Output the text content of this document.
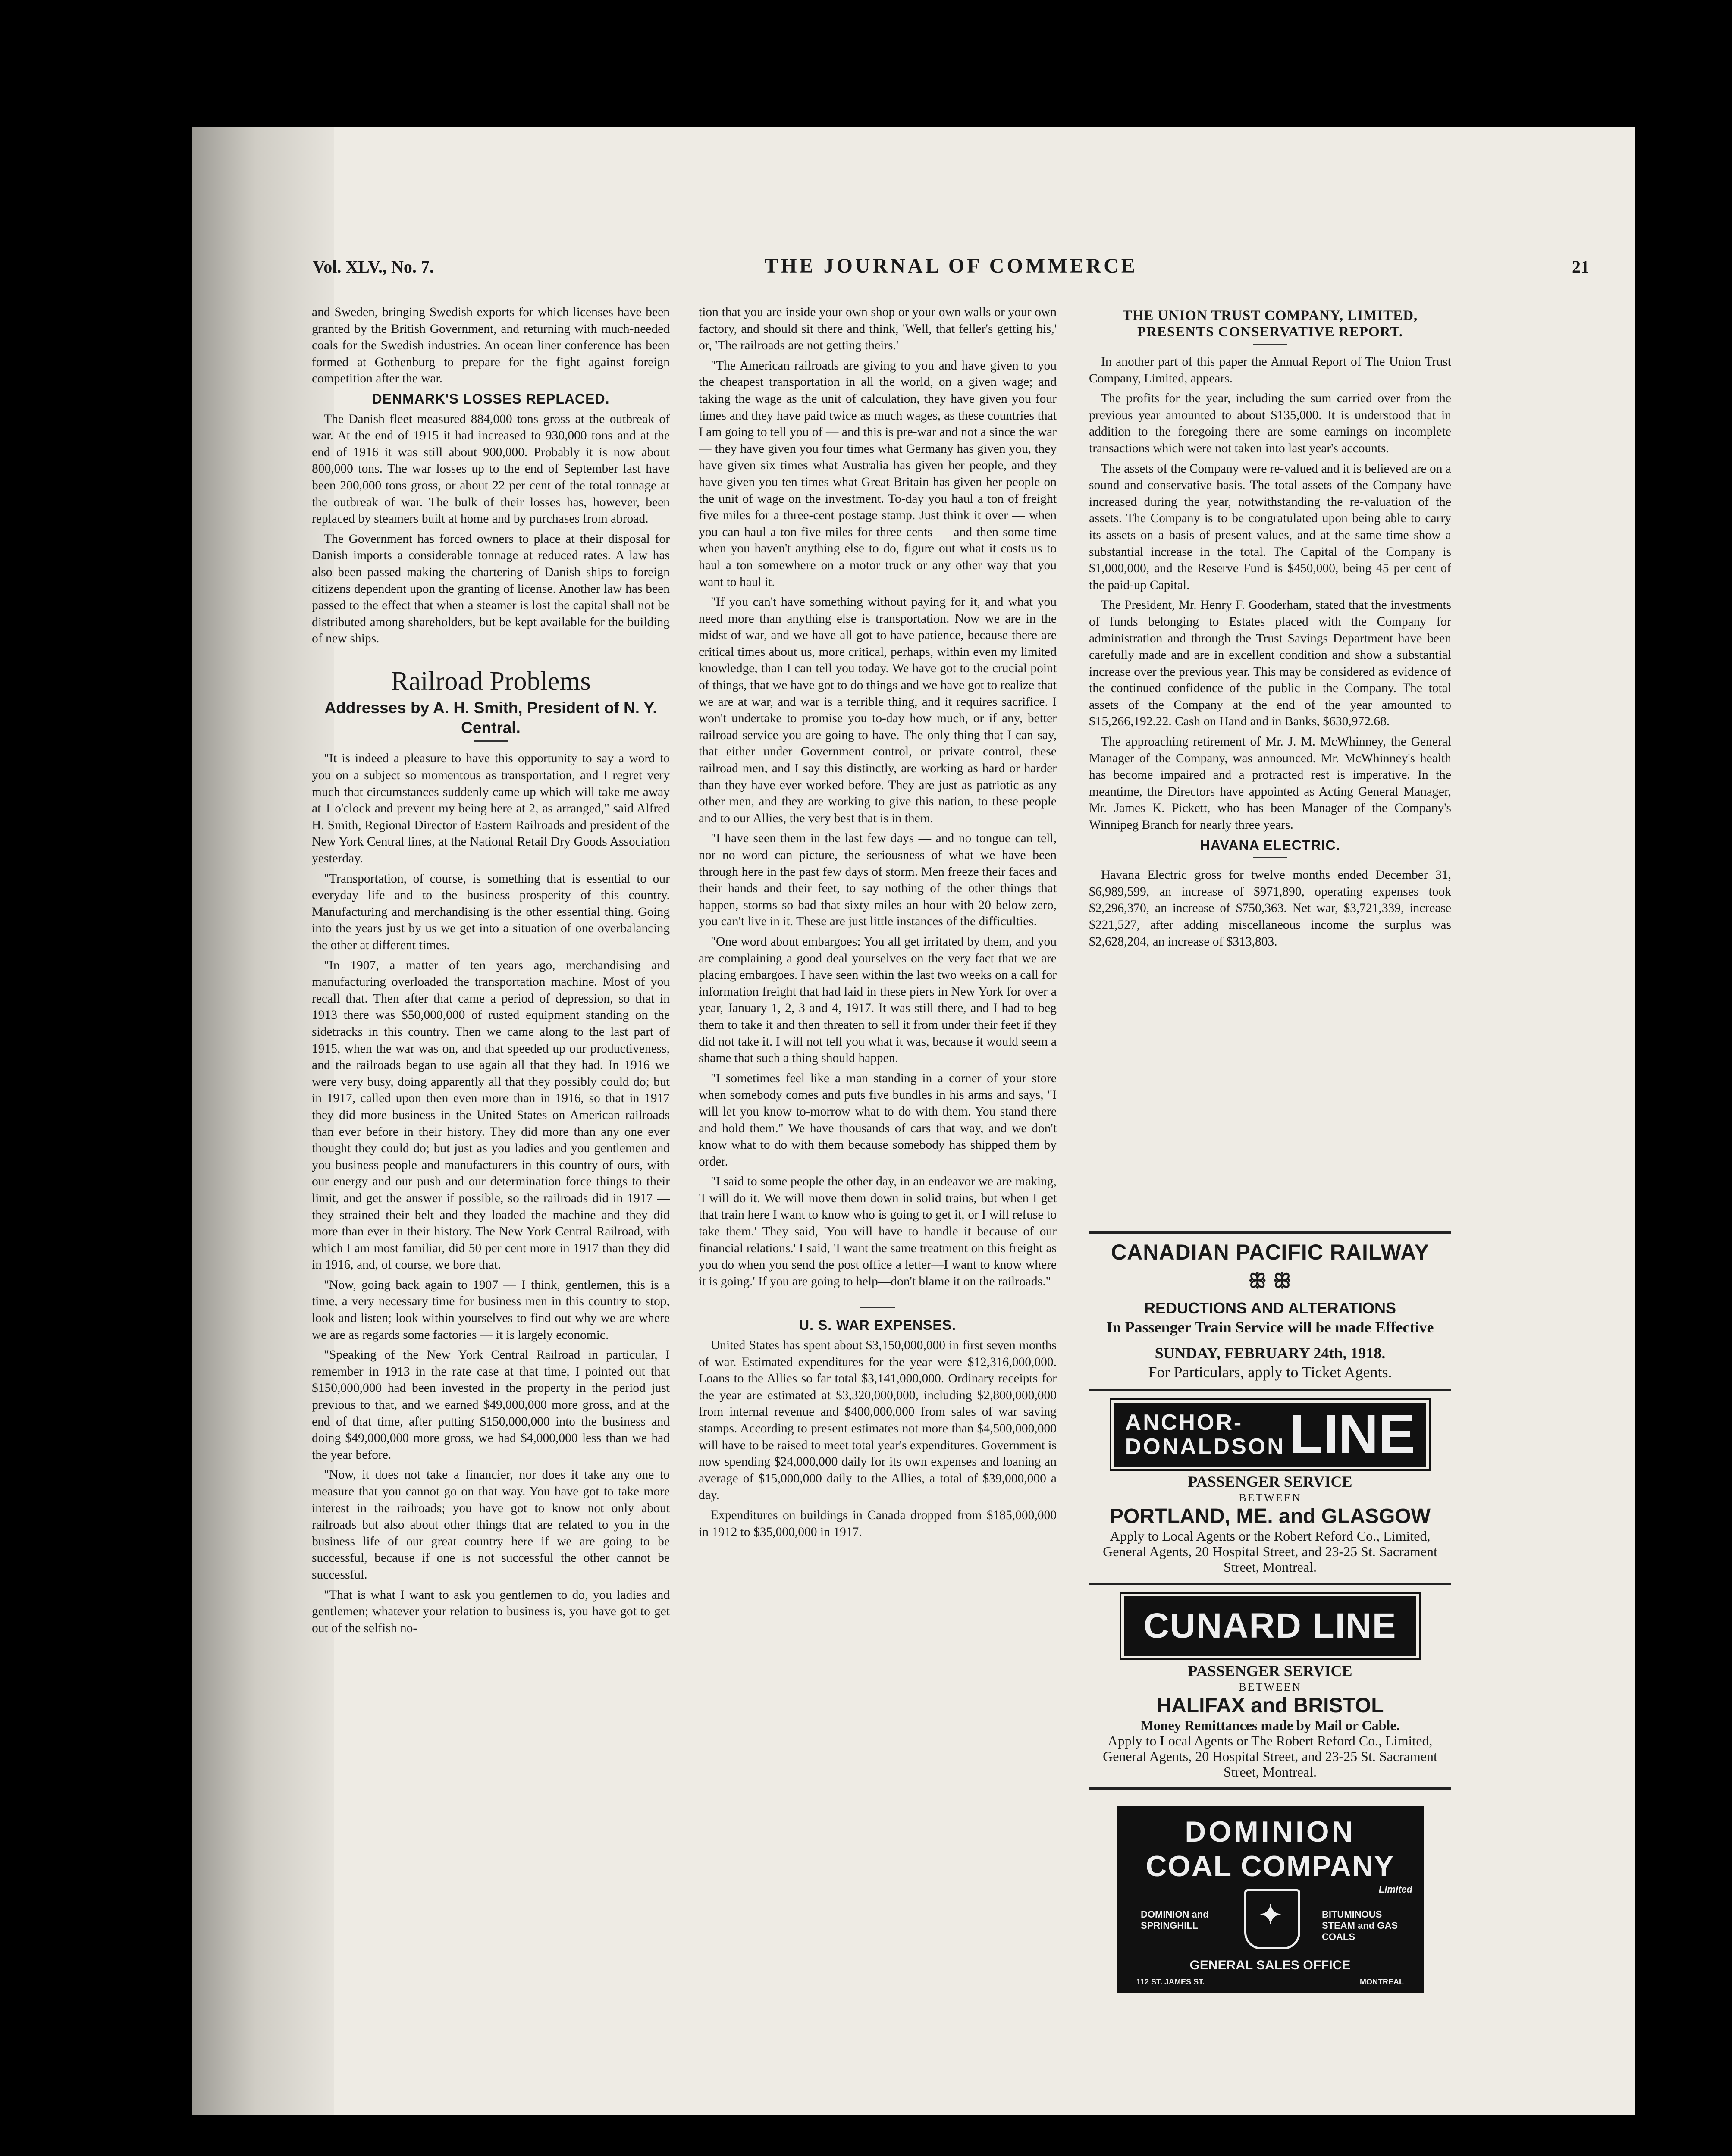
Vol. XLV., No. 7.	THE JOURNAL OF COMMERCE	21

and Sweden, bringing Swedish exports for which licenses have been granted by the British Government, and returning with much-needed coals for the Swedish industries. An ocean liner conference has been formed at Gothenburg to prepare for the fight against foreign competition after the war.

DENMARK'S LOSSES REPLACED.

The Danish fleet measured 884,000 tons gross at the outbreak of war. At the end of 1915 it had increased to 930,000 tons and at the end of 1916 it was still about 900,000. Probably it is now about 800,000 tons. The war losses up to the end of September last have been 200,000 tons gross, or about 22 per cent of the total tonnage at the outbreak of war. The bulk of their losses has, however, been replaced by steamers built at home and by purchases from abroad.

The Government has forced owners to place at their disposal for Danish imports a considerable tonnage at reduced rates. A law has also been passed making the chartering of Danish ships to foreign citizens dependent upon the granting of license. Another law has been passed to the effect that when a steamer is lost the capital shall not be distributed among shareholders, but be kept available for the building of new ships.

Railroad Problems
Addresses by A. H. Smith, President of N. Y. Central.

"It is indeed a pleasure to have this opportunity to say a word to you on a subject so momentous as transportation, and I regret very much that circumstances suddenly came up which will take me away at 1 o'clock and prevent my being here at 2, as arranged," said Alfred H. Smith, Regional Director of Eastern Railroads and president of the New York Central lines, at the National Retail Dry Goods Association yesterday.

"Transportation, of course, is something that is essential to our everyday life and to the business prosperity of this country. Manufacturing and merchandising is the other essential thing. Going into the years just by us we get into a situation of one overbalancing the other at different times.

"In 1907, a matter of ten years ago, merchandising and manufacturing overloaded the transportation machine. Most of you recall that. Then after that came a period of depression, so that in 1913 there was $50,000,000 of rusted equipment standing on the sidetracks in this country. Then we came along to the last part of 1915, when the war was on, and that speeded up our productiveness, and the railroads began to use again all that they had. In 1916 we were very busy, doing apparently all that they possibly could do; but in 1917, called upon then even more than in 1916, so that in 1917 they did more business in the United States on American railroads than ever before in their history. They did more than any one ever thought they could do; but just as you ladies and you gentlemen and you business people and manufacturers in this country of ours, with our energy and our push and our determination force things to their limit, and get the answer if possible, so the railroads did in 1917 — they strained their belt and they loaded the machine and they did more than ever in their history. The New York Central Railroad, with which I am most familiar, did 50 per cent more in 1917 than they did in 1916, and, of course, we bore that.

"Now, going back again to 1907 — I think, gentlemen, this is a time, a very necessary time for business men in this country to stop, look and listen; look within yourselves to find out why we are where we are as regards some factories — it is largely economic.

"Speaking of the New York Central Railroad in particular, I remember in 1913 in the rate case at that time, I pointed out that $150,000,000 had been invested in the property in the period just previous to that, and we earned $49,000,000 more gross, and at the end of that time, after putting $150,000,000 into the business and doing $49,000,000 more gross, we had $4,000,000 less than we had the year before.

"Now, it does not take a financier, nor does it take any one to measure that you cannot go on that way. You have got to take more interest in the railroads; you have got to know not only about railroads but also about other things that are related to you in the business life of our great country here if we are going to be successful, because if one is not successful the other cannot be successful.

"That is what I want to ask you gentlemen to do, you ladies and gentlemen; whatever your relation to business is, you have got to get out of the selfish no-

tion that you are inside your own shop or your own walls or your own factory, and should sit there and think, 'Well, that feller's getting his,' or, 'The railroads are not getting theirs.'

"The American railroads are giving to you and have given to you the cheapest transportation in all the world, on a given wage; and taking the wage as the unit of calculation, they have given you four times and they have paid twice as much wages, as these countries that I am going to tell you of — and this is pre-war and not a since the war — they have given you four times what Germany has given you, they have given six times what Australia has given her people, and they have given you ten times what Great Britain has given her people on the unit of wage on the investment. To-day you haul a ton of freight five miles for a three-cent postage stamp. Just think it over — when you can haul a ton five miles for three cents — and then some time when you haven't anything else to do, figure out what it costs us to haul a ton somewhere on a motor truck or any other way that you want to haul it.

"If you can't have something without paying for it, and what you need more than anything else is transportation. Now we are in the midst of war, and we have all got to have patience, because there are critical times about us, more critical, perhaps, within even my limited knowledge, than I can tell you today. We have got to the crucial point of things, that we have got to do things and we have got to realize that we are at war, and war is a terrible thing, and it requires sacrifice. I won't undertake to promise you to-day how much, or if any, better railroad service you are going to have. The only thing that I can say, that either under Government control, or private control, these railroad men, and I say this distinctly, are working as hard or harder than they have ever worked before. They are just as patriotic as any other men, and they are working to give this nation, to these people and to our Allies, the very best that is in them.

"I have seen them in the last few days — and no tongue can tell, nor no word can picture, the seriousness of what we have been through here in the past few days of storm. Men freeze their faces and their hands and their feet, to say nothing of the other things that happen, storms so bad that sixty miles an hour with 20 below zero, you can't live in it. These are just little instances of the difficulties.

"One word about embargoes: You all get irritated by them, and you are complaining a good deal yourselves on the very fact that we are placing embargoes. I have seen within the last two weeks on a call for information freight that had laid in these piers in New York for over a year, January 1, 2, 3 and 4, 1917. It was still there, and I had to beg them to take it and then threaten to sell it from under their feet if they did not take it. I will not tell you what it was, because it would seem a shame that such a thing should happen.

"I sometimes feel like a man standing in a corner of your store when somebody comes and puts five bundles in his arms and says, "I will let you know to-morrow what to do with them. You stand there and hold them." We have thousands of cars that way, and we don't know what to do with them because somebody has shipped them by order.

"I said to some people the other day, in an endeavor we are making, 'I will do it. We will move them down in solid trains, but when I get that train here I want to know who is going to get it, or I will refuse to take them.' They said, 'You will have to handle it because of our financial relations.' I said, 'I want the same treatment on this freight as you do when you send the post office a letter—I want to know where it is going.' If you are going to help—don't blame it on the railroads."

U. S. WAR EXPENSES.

United States has spent about $3,150,000,000 in first seven months of war. Estimated expenditures for the year were $12,316,000,000. Loans to the Allies so far total $3,141,000,000. Ordinary receipts for the year are estimated at $3,320,000,000, including $2,800,000,000 from internal revenue and $400,000,000 from sales of war saving stamps. According to present estimates not more than $4,500,000,000 will have to be raised to meet total year's expenditures. Government is now spending $24,000,000 daily for its own expenses and loaning an average of $15,000,000 daily to the Allies, a total of $39,000,000 a day.

Expenditures on buildings in Canada dropped from $185,000,000 in 1912 to $35,000,000 in 1917.

THE UNION TRUST COMPANY, LIMITED, PRESENTS CONSERVATIVE REPORT.

In another part of this paper the Annual Report of The Union Trust Company, Limited, appears.

The profits for the year, including the sum carried over from the previous year amounted to about $135,000. It is understood that in addition to the foregoing there are some earnings on incomplete transactions which were not taken into last year's accounts.

The assets of the Company were re-valued and it is believed are on a sound and conservative basis. The total assets of the Company have increased during the year, notwithstanding the re-valuation of the assets. The Company is to be congratulated upon being able to carry its assets on a basis of present values, and at the same time show a substantial increase in the total. The Capital of the Company is $1,000,000, and the Reserve Fund is $450,000, being 45 per cent of the paid-up Capital.

The President, Mr. Henry F. Gooderham, stated that the investments of funds belonging to Estates placed with the Company for administration and through the Trust Savings Department have been carefully made and are in excellent condition and show a substantial increase over the previous year. This may be considered as evidence of the continued confidence of the public in the Company. The total assets of the Company at the end of the year amounted to $15,266,192.22. Cash on Hand and in Banks, $630,972.68.

The approaching retirement of Mr. J. M. McWhinney, the General Manager of the Company, was announced. Mr. McWhinney's health has become impaired and a protracted rest is imperative. In the meantime, the Directors have appointed as Acting General Manager, Mr. James K. Pickett, who has been Manager of the Company's Winnipeg Branch for nearly three years.

HAVANA ELECTRIC.

Havana Electric gross for twelve months ended December 31, $6,989,599, an increase of $971,890, operating expenses took $2,296,370, an increase of $750,363. Net war, $3,721,339, increase $221,527, after adding miscellaneous income the surplus was $2,628,204, an increase of $313,803.

CANADIAN PACIFIC RAILWAY
ꕥ ꕥ
REDUCTIONS AND ALTERATIONS
In Passenger Train Service will be made Effective
SUNDAY, FEBRUARY 24th, 1918.
For Particulars, apply to Ticket Agents.
ANCHOR-
DONALDSON LINE
PASSENGER SERVICE
BETWEEN
PORTLAND, ME. and GLASGOW
Apply to Local Agents or the Robert Reford Co., Limited, General Agents, 20 Hospital Street, and 23-25 St. Sacrament Street, Montreal.
CUNARD LINE
PASSENGER SERVICE
BETWEEN
HALIFAX and BRISTOL
Money Remittances made by Mail or Cable.
Apply to Local Agents or The Robert Reford Co., Limited, General Agents, 20 Hospital Street, and 23-25 St. Sacrament Street, Montreal.
DOMINION
COAL COMPANY
Limited
DOMINION and SPRINGHILL	✦	BITUMINOUS STEAM and GAS COALS
GENERAL SALES OFFICE
112 ST. JAMES ST.	MONTREAL
